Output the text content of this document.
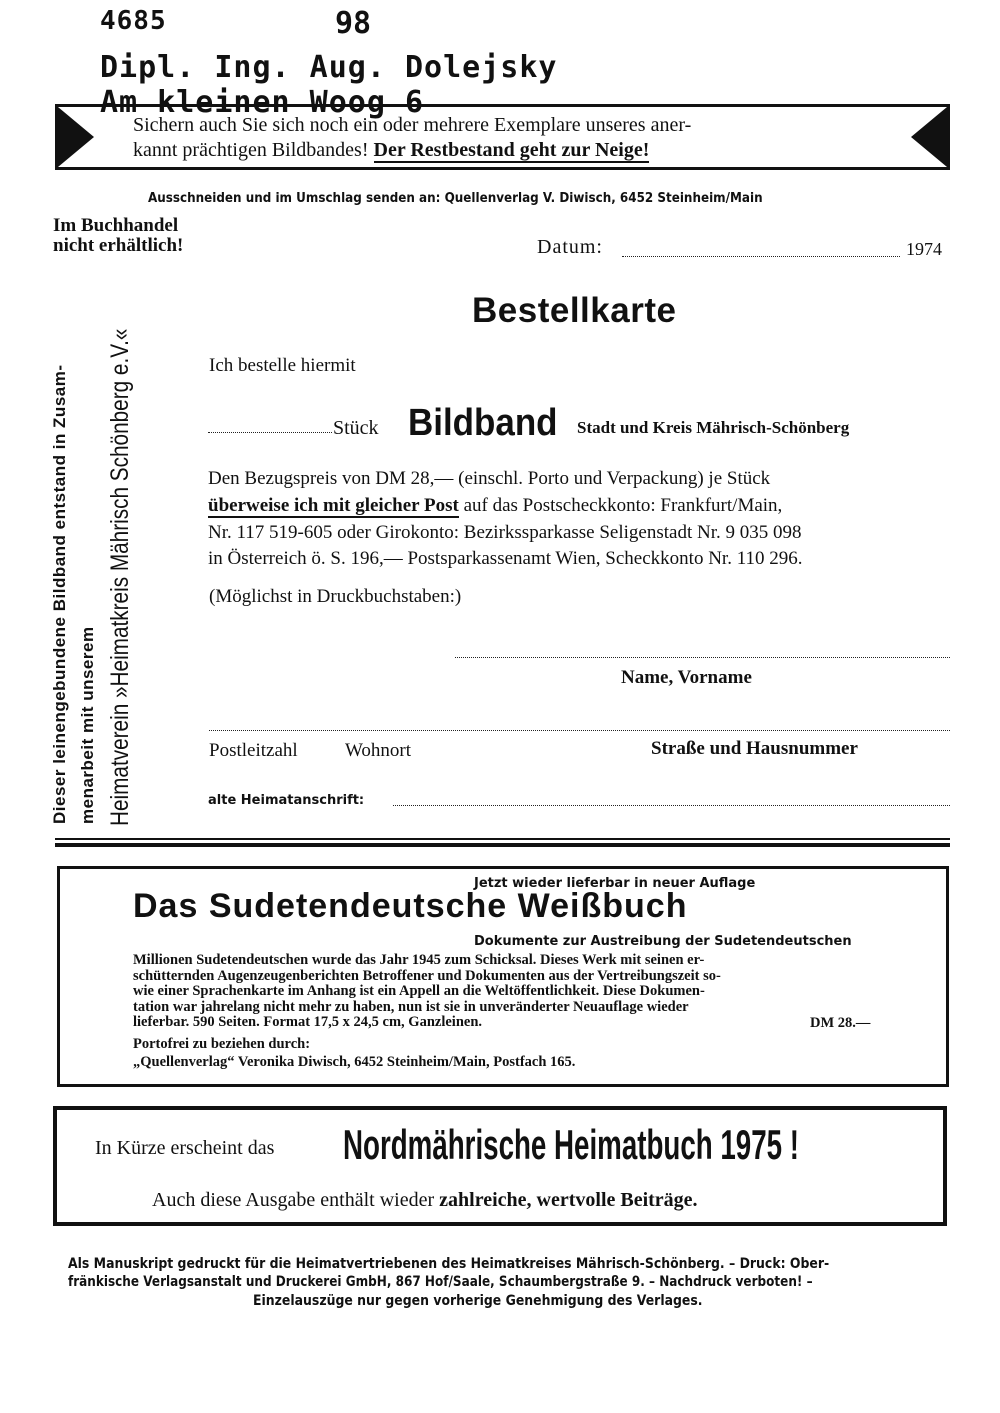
4685	98
Dipl. Ing. Aug. Dolejsky
Am kleinen Woog 6
Sichern auch Sie sich noch ein oder mehrere Exemplare unseres aner-
kannt prächtigen Bildbandes! Der Restbestand geht zur Neige!
Ausschneiden und im Umschlag senden an: Quellenverlag V. Diwisch, 6452 Steinheim/Main
Im Buchhandel
nicht erhältlich!	Datum:	1974
Dieser leinengebundene Bildband entstand in Zusam- menarbeit mit unserem Heimatverein »Heimatkreis Mährisch Schönberg e.V.«
Bestellkarte
Ich bestelle hiermit
Stück Bildband Stadt und Kreis Mährisch-Schönberg
Den Bezugspreis von DM 28,— (einschl. Porto und Verpackung) je Stück
überweise ich mit gleicher Post auf das Postscheckkonto: Frankfurt/Main,
Nr. 117 519-605 oder Girokonto: Bezirkssparkasse Seligenstadt Nr. 9 035 098
in Österreich ö. S. 196,— Postsparkassenamt Wien, Scheckkonto Nr. 110 296.
(Möglichst in Druckbuchstaben:)
Name, Vorname
Postleitzahl Wohnort	Straße und Hausnummer
alte Heimatanschrift:
Jetzt wieder lieferbar in neuer Auflage
Das Sudetendeutsche Weißbuch
Dokumente zur Austreibung der Sudetendeutschen
Millionen Sudetendeutschen wurde das Jahr 1945 zum Schicksal. Dieses Werk mit seinen er-
schütternden Augenzeugenberichten Betroffener und Dokumenten aus der Vertreibungszeit so-
wie einer Sprachenkarte im Anhang ist ein Appell an die Weltöffentlichkeit. Diese Dokumen-
tation war jahrelang nicht mehr zu haben, nun ist sie in unveränderter Neuauflage wieder
lieferbar. 590 Seiten. Format 17,5 x 24,5 cm, Ganzleinen.	DM 28.—
Portofrei zu beziehen durch:
„Quellenverlag“ Veronika Diwisch, 6452 Steinheim/Main, Postfach 165.
In Kürze erscheint das Nordmährische Heimatbuch 1975 !
Auch diese Ausgabe enthält wieder zahlreiche, wertvolle Beiträge.
Als Manuskript gedruckt für die Heimatvertriebenen des Heimatkreises Mährisch-Schönberg. – Druck: Ober-
fränkische Verlagsanstalt und Druckerei GmbH, 867 Hof/Saale, Schaumbergstraße 9. – Nachdruck verboten! –
Einzelauszüge nur gegen vorherige Genehmigung des Verlages.
